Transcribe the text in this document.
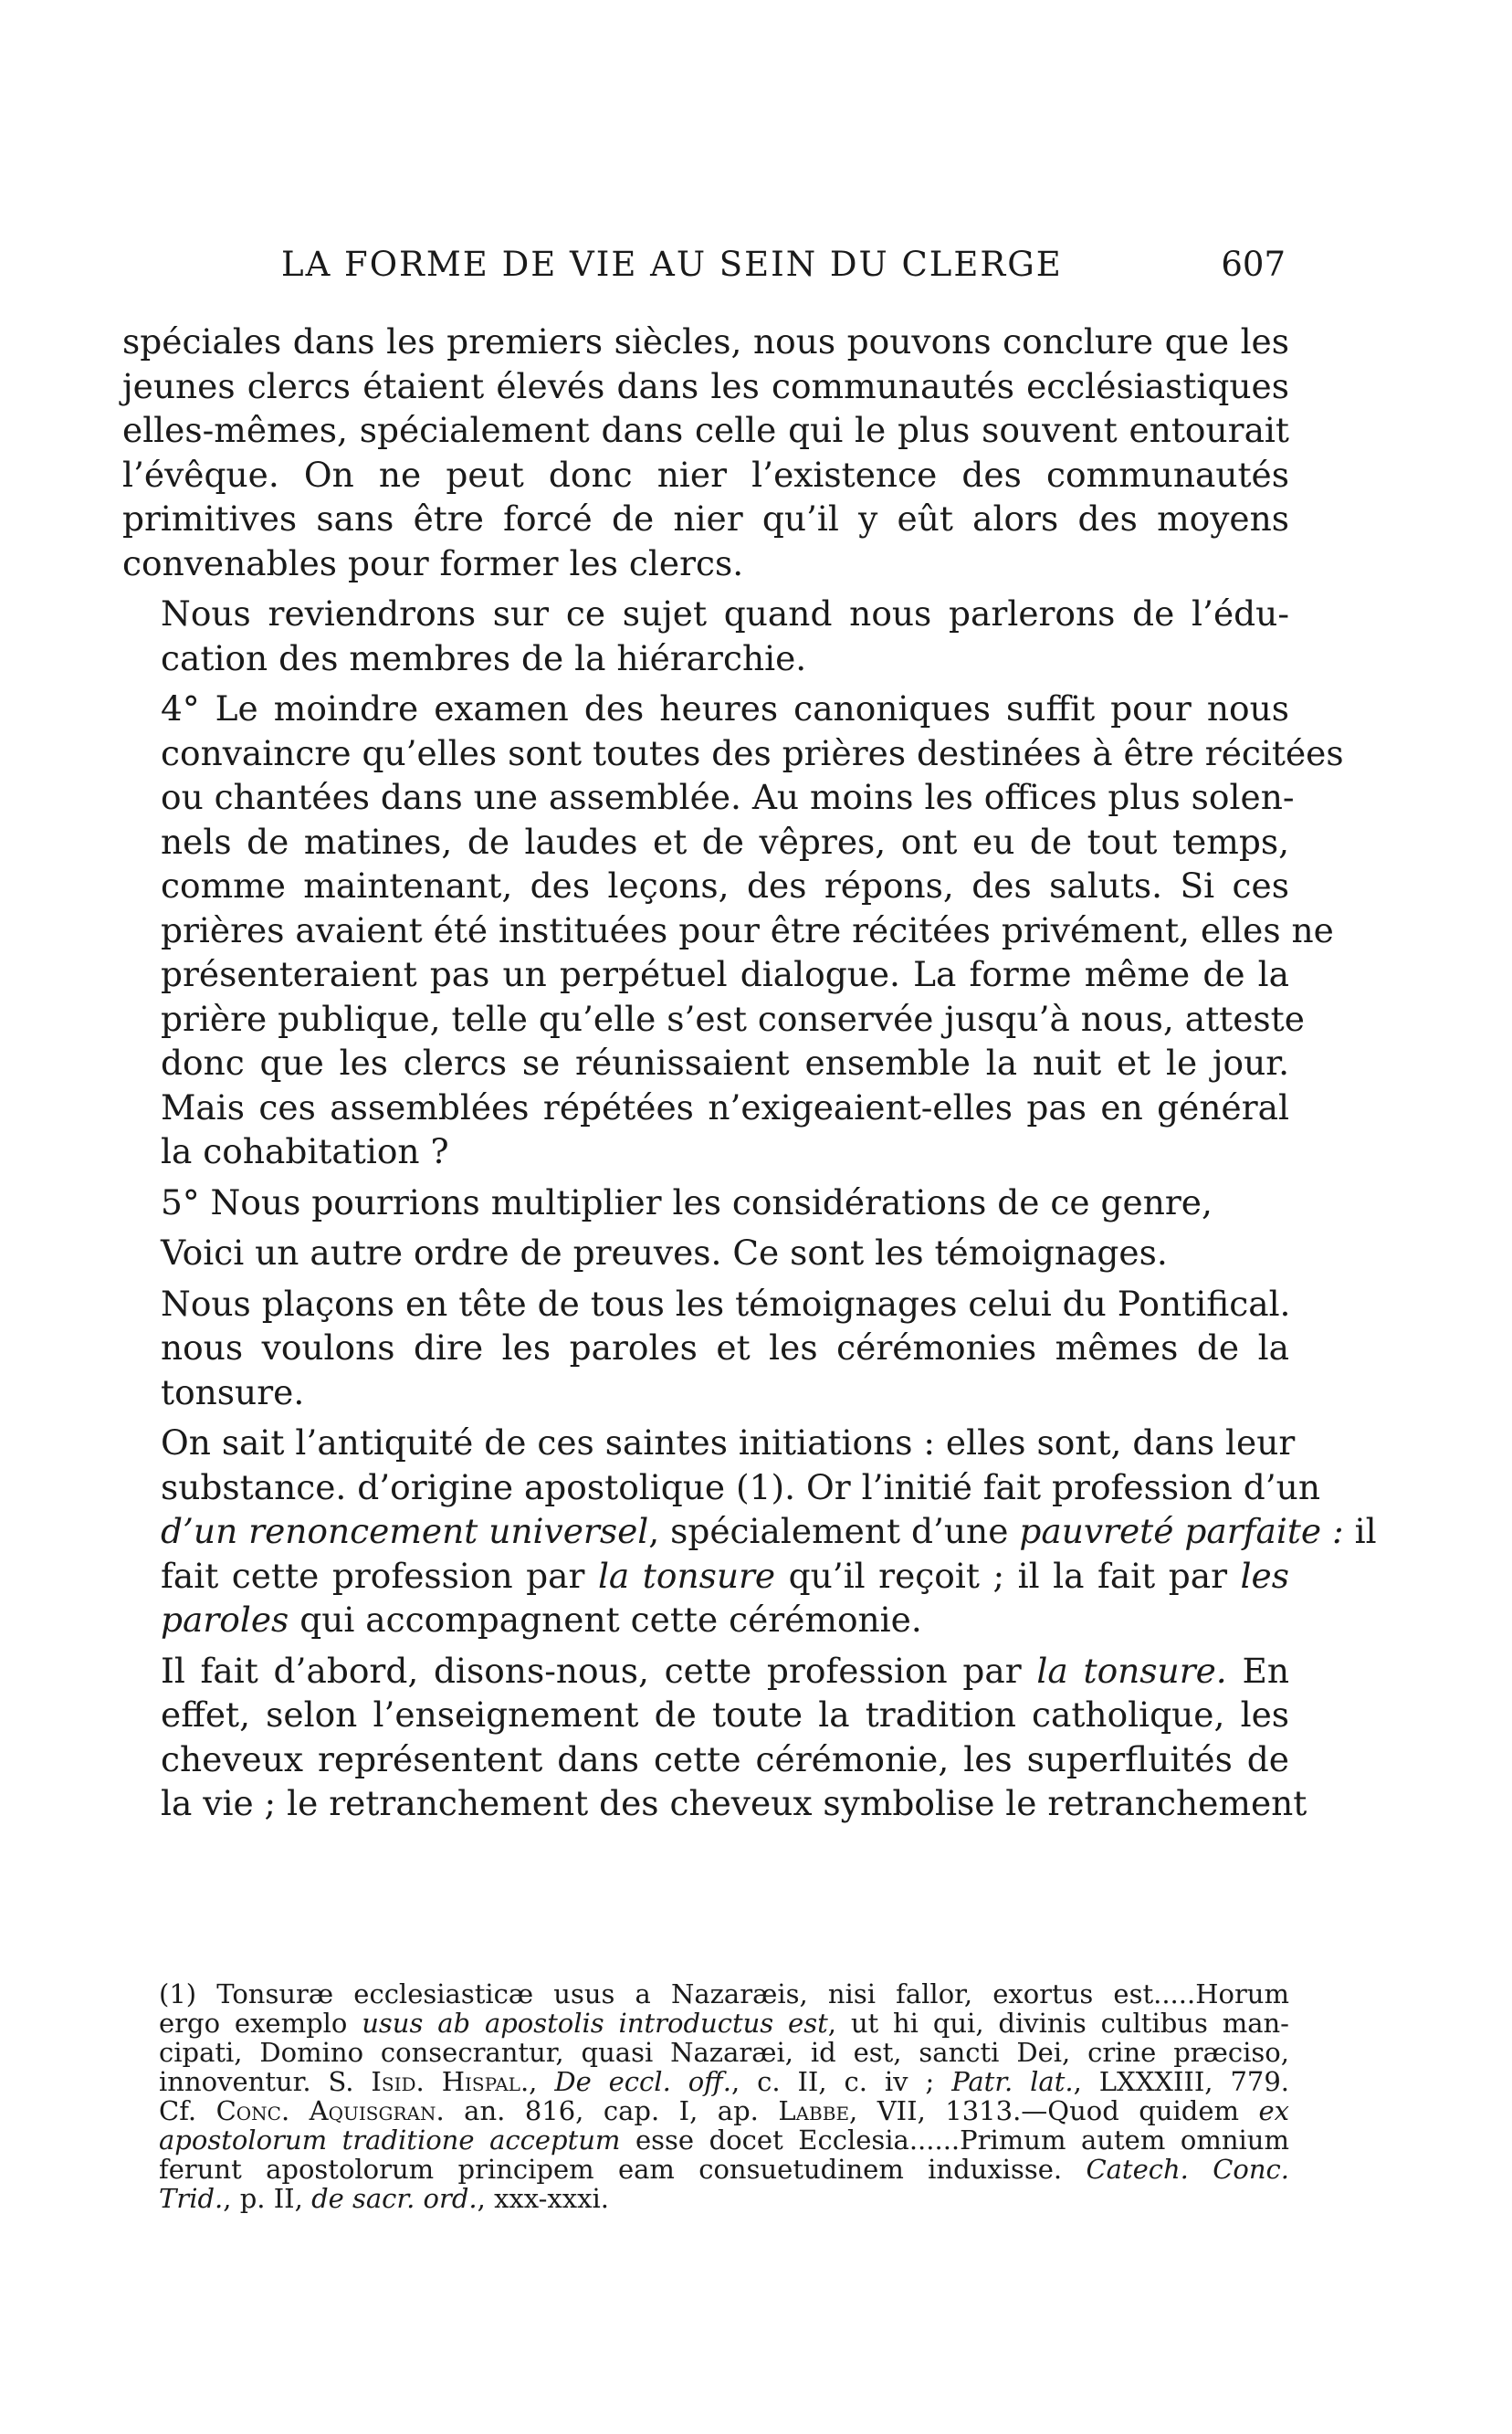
LA FORME DE VIE AU SEIN DU CLERGE	607

spéciales dans les premiers siècles, nous pouvons conclure que les
jeunes clercs étaient élevés dans les communautés ecclésiastiques
elles-mêmes, spécialement dans celle qui le plus souvent entourait
l’évêque. On ne peut donc nier l’existence des communautés
primitives sans être forcé de nier qu’il y eût alors des moyens
convenables pour former les clercs.

Nous reviendrons sur ce sujet quand nous parlerons de l’édu-
cation des membres de la hiérarchie.

4° Le moindre examen des heures canoniques suffit pour nous
convaincre qu’elles sont toutes des prières destinées à être récitées
ou chantées dans une assemblée. Au moins les offices plus solen-
nels de matines, de laudes et de vêpres, ont eu de tout temps,
comme maintenant, des leçons, des répons, des saluts. Si ces
prières avaient été instituées pour être récitées privément, elles ne
présenteraient pas un perpétuel dialogue. La forme même de la
prière publique, telle qu’elle s’est conservée jusqu’à nous, atteste
donc que les clercs se réunissaient ensemble la nuit et le jour.
Mais ces assemblées répétées n’exigeaient-elles pas en général
la cohabitation ?

5° Nous pourrions multiplier les considérations de ce genre,

Voici un autre ordre de preuves. Ce sont les témoignages.

Nous plaçons en tête de tous les témoignages celui du Pontifical.
nous voulons dire les paroles et les cérémonies mêmes de la
tonsure.

On sait l’antiquité de ces saintes initiations : elles sont, dans leur
substance. d’origine apostolique (1). Or l’initié fait profession d’un
d’un renoncement universel, spécialement d’une pauvreté parfaite : il
fait cette profession par la tonsure qu’il reçoit ; il la fait par les
paroles qui accompagnent cette cérémonie.

Il fait d’abord, disons-nous, cette profession par la tonsure. En
effet, selon l’enseignement de toute la tradition catholique, les
cheveux représentent dans cette cérémonie, les superfluités de
la vie ; le retranchement des cheveux symbolise le retranchement

(1) Tonsuræ ecclesiasticæ usus a Nazaræis, nisi fallor, exortus est.....Horum
ergo exemplo usus ab apostolis introductus est, ut hi qui, divinis cultibus man-
cipati, Domino consecrantur, quasi Nazaræi, id est, sancti Dei, crine præciso,
innoventur. S. Isid. Hispal., De eccl. off., c. II, c. iv ; Patr. lat., LXXXIII, 779.
Cf. Conc. Aquisgran. an. 816, cap. I, ap. Labbe, VII, 1313.—Quod quidem ex
apostolorum traditione acceptum esse docet Ecclesia......Primum autem omnium
ferunt apostolorum principem eam consuetudinem induxisse. Catech. Conc.
Trid., p. II, de sacr. ord., xxx-xxxi.
